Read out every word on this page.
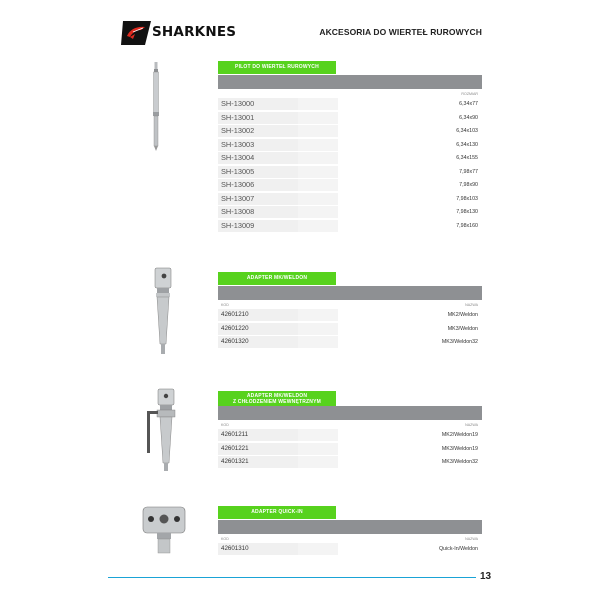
SHARKNES	AKCESORIA DO WIERTEŁ RUROWYCH
PILOT DO WIERTEŁ RUROWYCH
ROZMIAR
SH-13000	6,34x77
SH-13001	6,34x90
SH-13002	6,34x103
SH-13003	6,34x130
SH-13004	6,34x155
SH-13005	7,98x77
SH-13006	7,98x90
SH-13007	7,98x103
SH-13008	7,98x130
SH-13009	7,98x160
ADAPTER MK/WELDON
KOD	NAZWA
42601210	MK2/Weldon
42601220	MK3/Weldon
42601320	MK3/Weldon32
ADAPTER MK/WELDON
Z CHŁODZENIEM WEWNĘTRZNYM
KOD	NAZWA
42601211	MK2/Weldon19
42601221	MK3/Weldon19
42601321	MK3/Weldon32
ADAPTER QUICK-IN
KOD	NAZWA
42601310	Quick-In/Weldon
13
